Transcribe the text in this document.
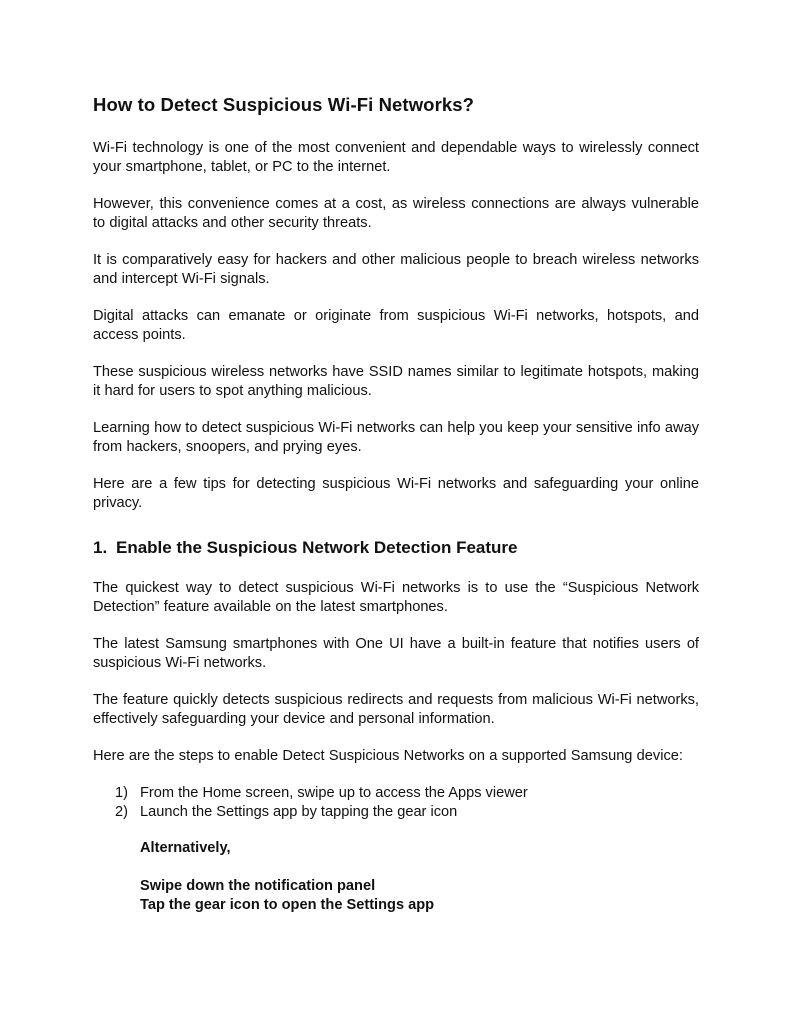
How to Detect Suspicious Wi-Fi Networks?

Wi-Fi technology is one of the most convenient and dependable ways to wirelessly connect your smartphone, tablet, or PC to the internet.

However, this convenience comes at a cost, as wireless connections are always vulnerable to digital attacks and other security threats.

It is comparatively easy for hackers and other malicious people to breach wireless networks and intercept Wi-Fi signals.

Digital attacks can emanate or originate from suspicious Wi-Fi networks, hotspots, and access points.

These suspicious wireless networks have SSID names similar to legitimate hotspots, making it hard for users to spot anything malicious.

Learning how to detect suspicious Wi-Fi networks can help you keep your sensitive info away from hackers, snoopers, and prying eyes.

Here are a few tips for detecting suspicious Wi-Fi networks and safeguarding your online privacy.

1. Enable the Suspicious Network Detection Feature

The quickest way to detect suspicious Wi-Fi networks is to use the “Suspicious Network Detection” feature available on the latest smartphones.

The latest Samsung smartphones with One UI have a built-in feature that notifies users of suspicious Wi-Fi networks.

The feature quickly detects suspicious redirects and requests from malicious Wi-Fi networks, effectively safeguarding your device and personal information.

Here are the steps to enable Detect Suspicious Networks on a supported Samsung device:

1) From the Home screen, swipe up to access the Apps viewer
2) Launch the Settings app by tapping the gear icon
Alternatively,
Swipe down the notification panel
Tap the gear icon to open the Settings app
